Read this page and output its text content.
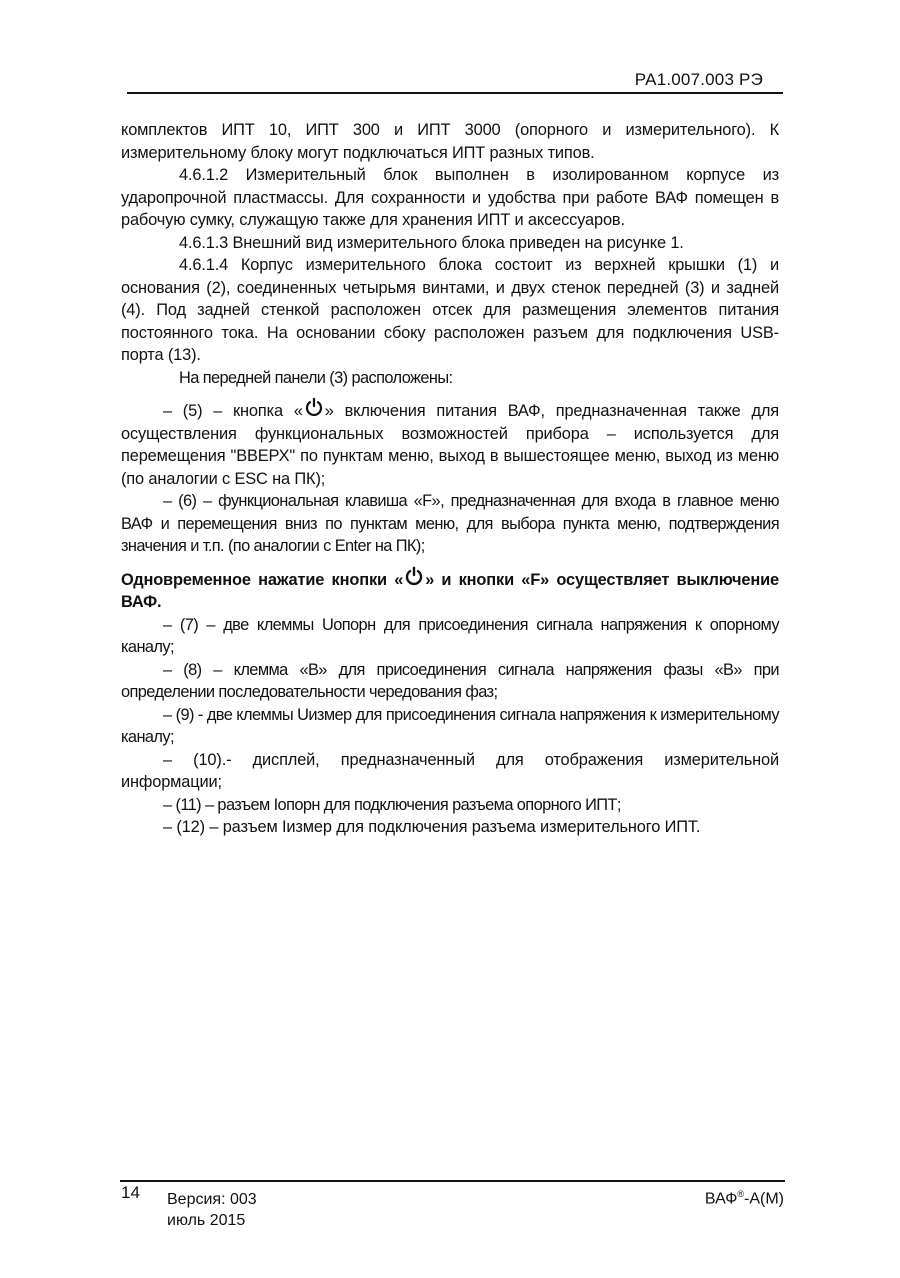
РА1.007.003 РЭ

комплектов ИПТ 10, ИПТ 300 и ИПТ 3000 (опорного и измерительного). К измерительному блоку могут подключаться ИПТ разных типов.

4.6.1.2 Измерительный блок выполнен в изолированном корпусе из ударопрочной пластмассы. Для сохранности и удобства при работе ВАФ помещен в рабочую сумку, служащую также для хранения ИПТ и аксессуаров.

4.6.1.3 Внешний вид измерительного блока приведен на рисунке 1.

4.6.1.4 Корпус измерительного блока состоит из верхней крышки (1) и основания (2), соединенных четырьмя винтами, и двух стенок передней (3) и задней (4). Под задней стенкой расположен отсек для размещения элементов питания постоянного тока. На основании сбоку расположен разъем для подключения USB-порта (13).

На передней панели (3) расположены:

– (5) – кнопка « » включения питания ВАФ, предназначенная также для осуществления функциональных возможностей прибора – используется для перемещения "ВВЕРХ" по пунктам меню, выход в вышестоящее меню, выход из меню (по аналогии с ESC на ПК);

– (6) – функциональная клавиша «F», предназначенная для входа в главное меню ВАФ и перемещения вниз по пунктам меню, для выбора пункта меню, подтверждения значения и т.п. (по аналогии с Enter на ПК);

Одновременное нажатие кнопки « » и кнопки «F» осуществляет выключение ВАФ.

– (7) – две клеммы Uопорн для присоединения сигнала напряжения к опорному каналу;

– (8) – клемма «В» для присоединения сигнала напряжения фазы «В» при определении последовательности чередования фаз;

– (9) - две клеммы Uизмер для присоединения сигнала напряжения к измерительному каналу;

– (10).- дисплей, предназначенный для отображения измерительной информации;

– (11) – разъем Iопорн для подключения разъема опорного ИПТ;

– (12) – разъем Iизмер для подключения разъема измерительного ИПТ.

14 Версия: 003
июль 2015
ВАФ®-А(М)
